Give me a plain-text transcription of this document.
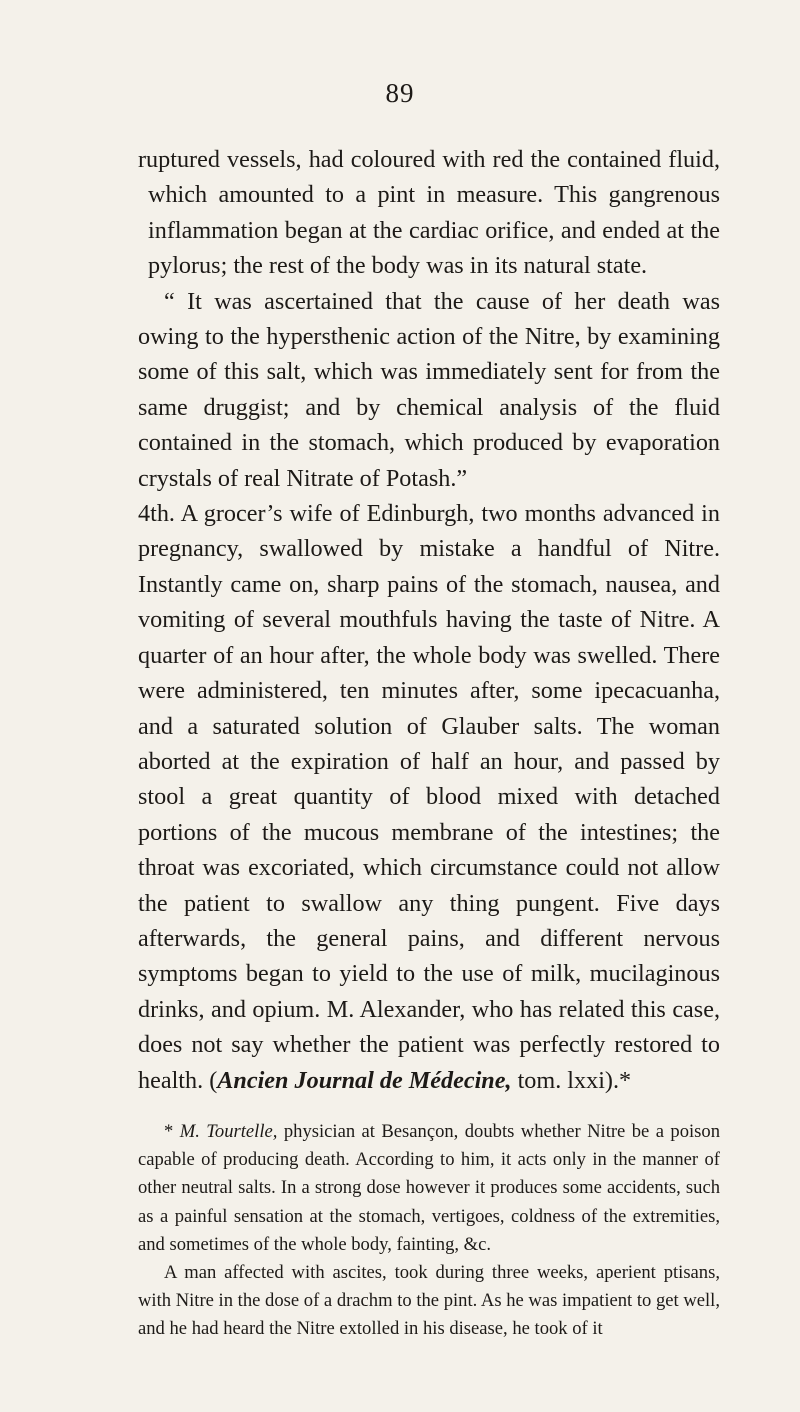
89

ruptured vessels, had coloured with red the contained fluid, which amounted to a pint in measure. This gangrenous inflammation began at the cardiac orifice, and ended at the pylorus; the rest of the body was in its natural state.

“ It was ascertained that the cause of her death was owing to the hypersthenic action of the Nitre, by examining some of this salt, which was immediately sent for from the same druggist; and by chemical analysis of the fluid contained in the stomach, which produced by evaporation crystals of real Nitrate of Potash.”

4th. A grocer’s wife of Edinburgh, two months advanced in pregnancy, swallowed by mistake a handful of Nitre. Instantly came on, sharp pains of the stomach, nausea, and vomiting of several mouthfuls having the taste of Nitre. A quarter of an hour after, the whole body was swelled. There were administered, ten minutes after, some ipecacuanha, and a saturated solution of Glauber salts. The woman aborted at the expiration of half an hour, and passed by stool a great quantity of blood mixed with detached portions of the mucous membrane of the intestines; the throat was excoriated, which circumstance could not allow the patient to swallow any thing pungent. Five days afterwards, the general pains, and different nervous symptoms began to yield to the use of milk, mucilaginous drinks, and opium. M. Alexander, who has related this case, does not say whether the patient was perfectly restored to health. (Ancien Journal de Médecine, tom. lxxi).*

* M. Tourtelle, physician at Besançon, doubts whether Nitre be a poison capable of producing death. According to him, it acts only in the manner of other neutral salts. In a strong dose however it produces some accidents, such as a painful sensation at the stomach, vertigoes, coldness of the extremities, and sometimes of the whole body, fainting, &c.

A man affected with ascites, took during three weeks, aperient ptisans, with Nitre in the dose of a drachm to the pint. As he was impatient to get well, and he had heard the Nitre extolled in his disease, he took of it
